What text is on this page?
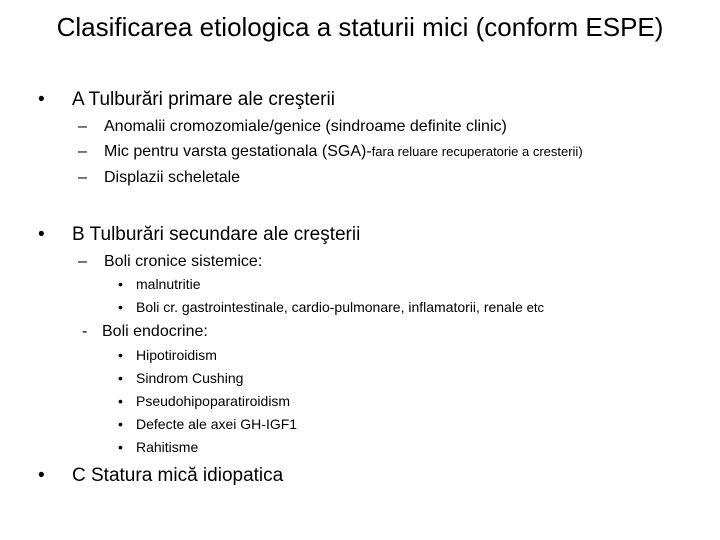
Clasificarea etiologica a staturii mici (conform ESPE)
• A Tulburări primare ale creşterii
– Anomalii cromozomiale/genice (sindroame definite clinic)
– Mic pentru varsta gestationala (SGA)-fara reluare recuperatorie a cresterii)
– Displazii scheletale
• B Tulburări secundare ale creşterii
– Boli cronice sistemice:
• malnutritie
• Boli cr. gastrointestinale, cardio-pulmonare, inflamatorii, renale etc
- Boli endocrine:
• Hipotiroidism
• Sindrom Cushing
• Pseudohipoparatiroidism
• Defecte ale axei GH-IGF1
• Rahitisme
• C Statura mică idiopatica
